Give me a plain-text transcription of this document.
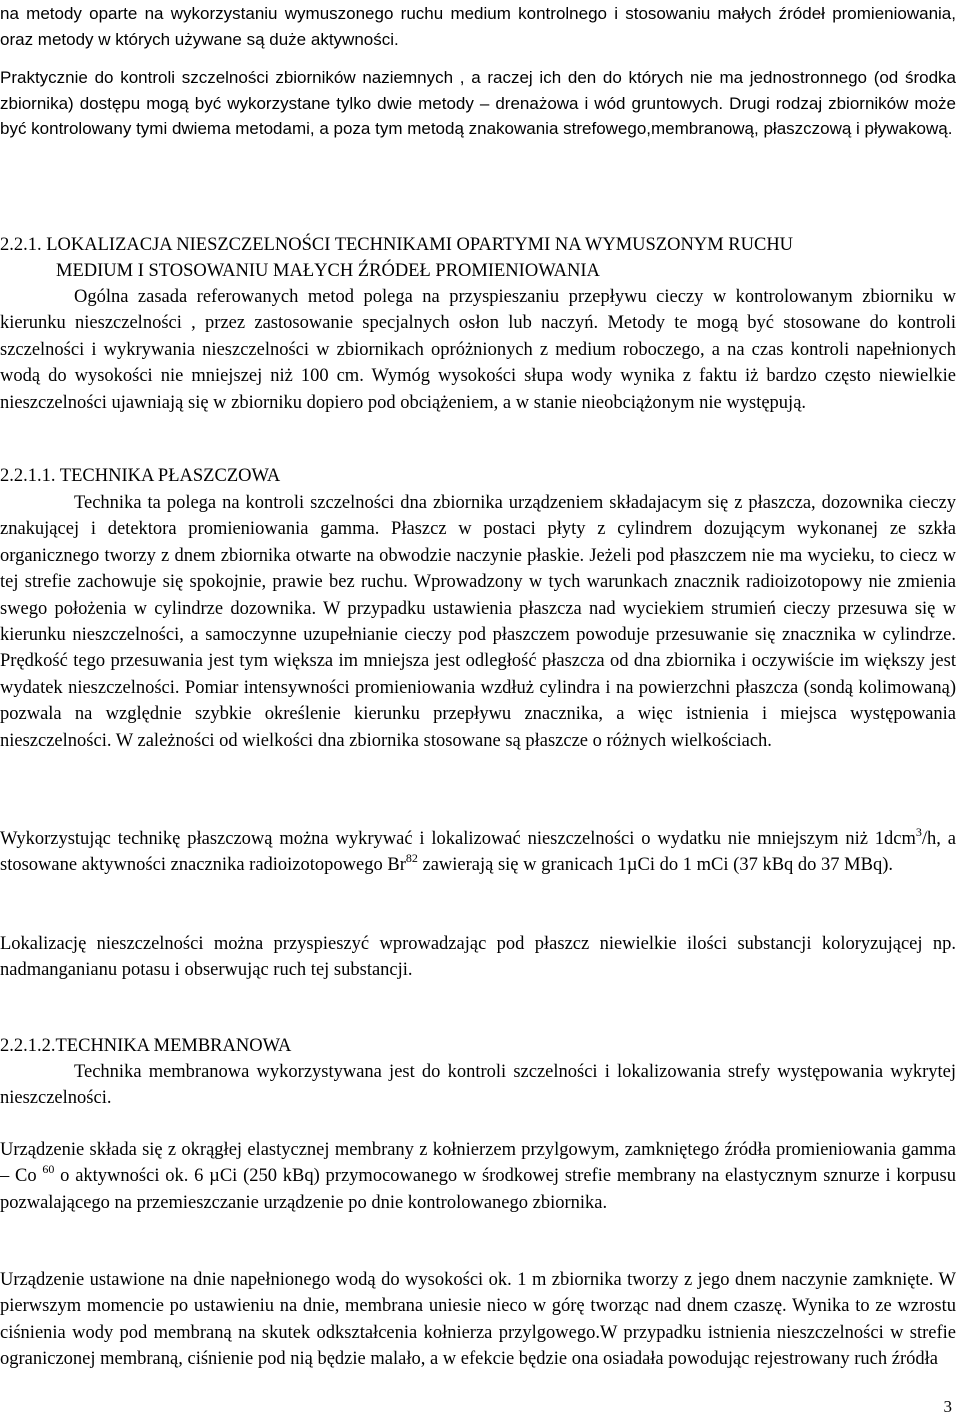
na metody oparte na wykorzystaniu wymuszonego ruchu medium kontrolnego i stosowaniu małych źródeł promieniowania, oraz metody w których używane są duże aktywności.

Praktycznie do kontroli szczelności zbiorników naziemnych , a raczej ich den do których nie ma jednostronnego (od środka zbiornika) dostępu mogą być wykorzystane tylko dwie metody – drenażowa i wód gruntowych. Drugi rodzaj zbiorników może być kontrolowany tymi dwiema metodami, a poza tym metodą znakowania strefowego,membranową, płaszczową i pływakową.

2.2.1. LOKALIZACJA NIESZCZELNOŚCI TECHNIKAMI OPARTYMI NA WYMUSZONYM RUCHU
MEDIUM I STOSOWANIU MAŁYCH ŹRÓDEŁ PROMIENIOWANIA

Ogólna zasada referowanych metod polega na przyspieszaniu przepływu cieczy w kontrolowanym zbiorniku w kierunku nieszczelności , przez zastosowanie specjalnych osłon lub naczyń. Metody te mogą być stosowane do kontroli szczelności i wykrywania nieszczelności w zbiornikach opróżnionych z medium roboczego, a na czas kontroli napełnionych wodą do wysokości nie mniejszej niż 100 cm. Wymóg wysokości słupa wody wynika z faktu iż bardzo często niewielkie nieszczelności ujawniają się w zbiorniku dopiero pod obciążeniem, a w stanie nieobciążonym nie występują.

2.2.1.1. TECHNIKA PŁASZCZOWA

Technika ta polega na kontroli szczelności dna zbiornika urządzeniem składajacym się z płaszcza, dozownika cieczy znakującej i detektora promieniowania gamma. Płaszcz w postaci płyty z cylindrem dozującym wykonanej ze szkła organicznego tworzy z dnem zbiornika otwarte na obwodzie naczynie płaskie. Jeżeli pod płaszczem nie ma wycieku, to ciecz w tej strefie zachowuje się spokojnie, prawie bez ruchu. Wprowadzony w tych warunkach znacznik radioizotopowy nie zmienia swego położenia w cylindrze dozownika. W przypadku ustawienia płaszcza nad wyciekiem strumień cieczy przesuwa się w kierunku nieszczelności, a samoczynne uzupełnianie cieczy pod płaszczem powoduje przesuwanie się znacznika w cylindrze. Prędkość tego przesuwania jest tym większa im mniejsza jest odległość płaszcza od dna zbiornika i oczywiście im większy jest wydatek nieszczelności. Pomiar intensywności promieniowania wzdłuż cylindra i na powierzchni płaszcza (sondą kolimowaną) pozwala na względnie szybkie określenie kierunku przepływu znacznika, a więc istnienia i miejsca występowania nieszczelności. W zależności od wielkości dna zbiornika stosowane są płaszcze o różnych wielkościach.

Wykorzystując technikę płaszczową można wykrywać i lokalizować nieszczelności o wydatku nie mniejszym niż 1dcm$^3$/h, a stosowane aktywności znacznika radioizotopowego Br$^{82}$ zawierają się w granicach 1µCi do 1 mCi (37 kBq do 37 MBq).

Lokalizację nieszczelności można przyspieszyć wprowadzając pod płaszcz niewielkie ilości substancji koloryzującej np. nadmanganianu potasu i obserwując ruch tej substancji.

2.2.1.2.TECHNIKA MEMBRANOWA

Technika membranowa wykorzystywana jest do kontroli szczelności i lokalizowania strefy występowania wykrytej nieszczelności.

Urządzenie składa się z okrągłej elastycznej membrany z kołnierzem przylgowym, zamkniętego źródła promieniowania gamma – Co $^{60}$ o aktywności ok. 6 µCi (250 kBq) przymocowanego w środkowej strefie membrany na elastycznym sznurze i korpusu pozwalającego na przemieszczanie urządzenie po dnie kontrolowanego zbiornika.

Urządzenie ustawione na dnie napełnionego wodą do wysokości ok. 1 m zbiornika tworzy z jego dnem naczynie zamknięte. W pierwszym momencie po ustawieniu na dnie, membrana uniesie nieco w górę tworząc nad dnem czaszę. Wynika to ze wzrostu ciśnienia wody pod membraną na skutek odkształcenia kołnierza przylgowego.W przypadku istnienia nieszczelności w strefie ograniczonej membraną, ciśnienie pod nią będzie malało, a w efekcie będzie ona osiadała powodując rejestrowany ruch źródła

3
